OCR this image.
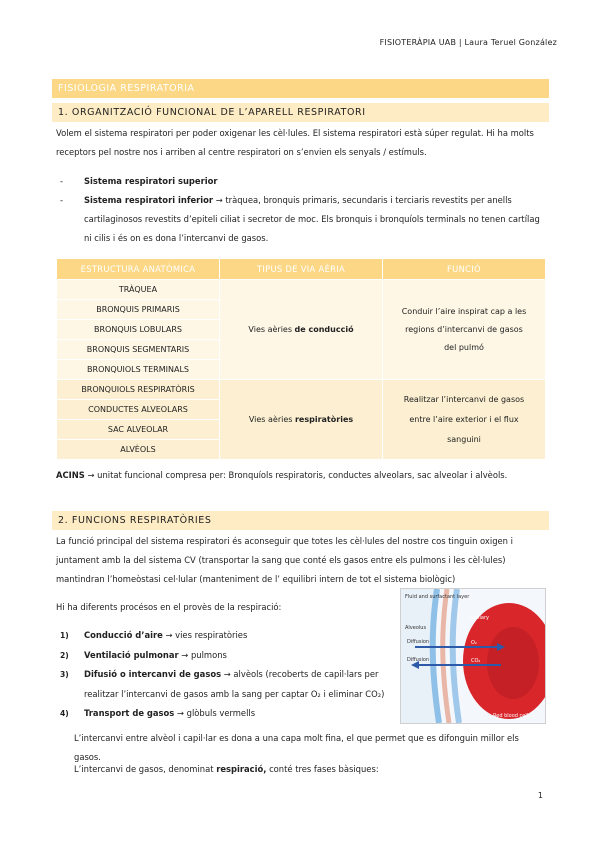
FISIOTERÀPIA UAB | Laura Teruel González
FISIOLOGIA RESPIRATORIA
1. ORGANITZACIÓ FUNCIONAL DE L’APARELL RESPIRATORI

Volem el sistema respiratori per poder oxigenar les cèl·lules. El sistema respiratori està súper regulat. Hi ha molts receptors pel nostre nos i arriben al centre respiratori on s’envien els senyals / estímuls.

- Sistema respiratori superior
- Sistema respiratori inferior → tràquea, bronquis primaris, secundaris i terciaris revestits per anells cartilaginosos revestits d’epiteli ciliat i secretor de moc. Els bronquis i bronquíols terminals no tenen cartílag ni cilis i és on es dona l’intercanvi de gasos.
ESTRUCTURA ANATÒMICA	TIPUS DE VIA AÈRIA	FUNCIÓ
TRÀQUEA	Vies aèries de conducció	Conduir l’aire inspirat cap a les regions d’intercanvi de gasos del pulmó
BRONQUIS PRIMARIS		
BRONQUIS LOBULARS		
BRONQUIS SEGMENTARIS		
BRONQUIOLS TERMINALS		
BRONQUIOLS RESPIRATÒRIS	Vies aèries respiratòries	Realitzar l’intercanvi de gasos entre l’aire exterior i el flux sanguini
CONDUCTES ALVEOLARS		
SAC ALVEOLAR		
ALVÈOLS		

ACINS → unitat funcional compresa per: Bronquíols respiratoris, conductes alveolars, sac alveolar i alvèols.

2. FUNCIONS RESPIRATÒRIES

La funció principal del sistema respiratori és aconseguir que totes les cèl·lules del nostre cos tinguin oxigen i juntament amb la del sistema CV (transportar la sang que conté els gasos entre els pulmons i les cèl·lules) mantindran l’homeòstasi cel·lular (manteniment de l’ equilibri intern de tot el sistema biològic)

Hi ha diferents procésos en el provès de la respiració:

1) Conducció d’aire → vies respiratòries
2) Ventilació pulmonar → pulmons
3) Difusió o intercanvi de gasos → alvèols (recoberts de capil·lars per realitzar l’intercanvi de gasos amb la sang per captar O₂ i eliminar CO₂)
4) Transport de gasos → glòbuls vermells
Fluid and surfactant layer
Capillary
Alveolus
Diffusion
Diffusion
O₂
CO₂
Red blood cell

L’intercanvi entre alvèol i capil·lar es dona a una capa molt fina, el que permet que es difonguin millor els gasos.

L’intercanvi de gasos, denominat respiració, conté tres fases bàsiques:

1
